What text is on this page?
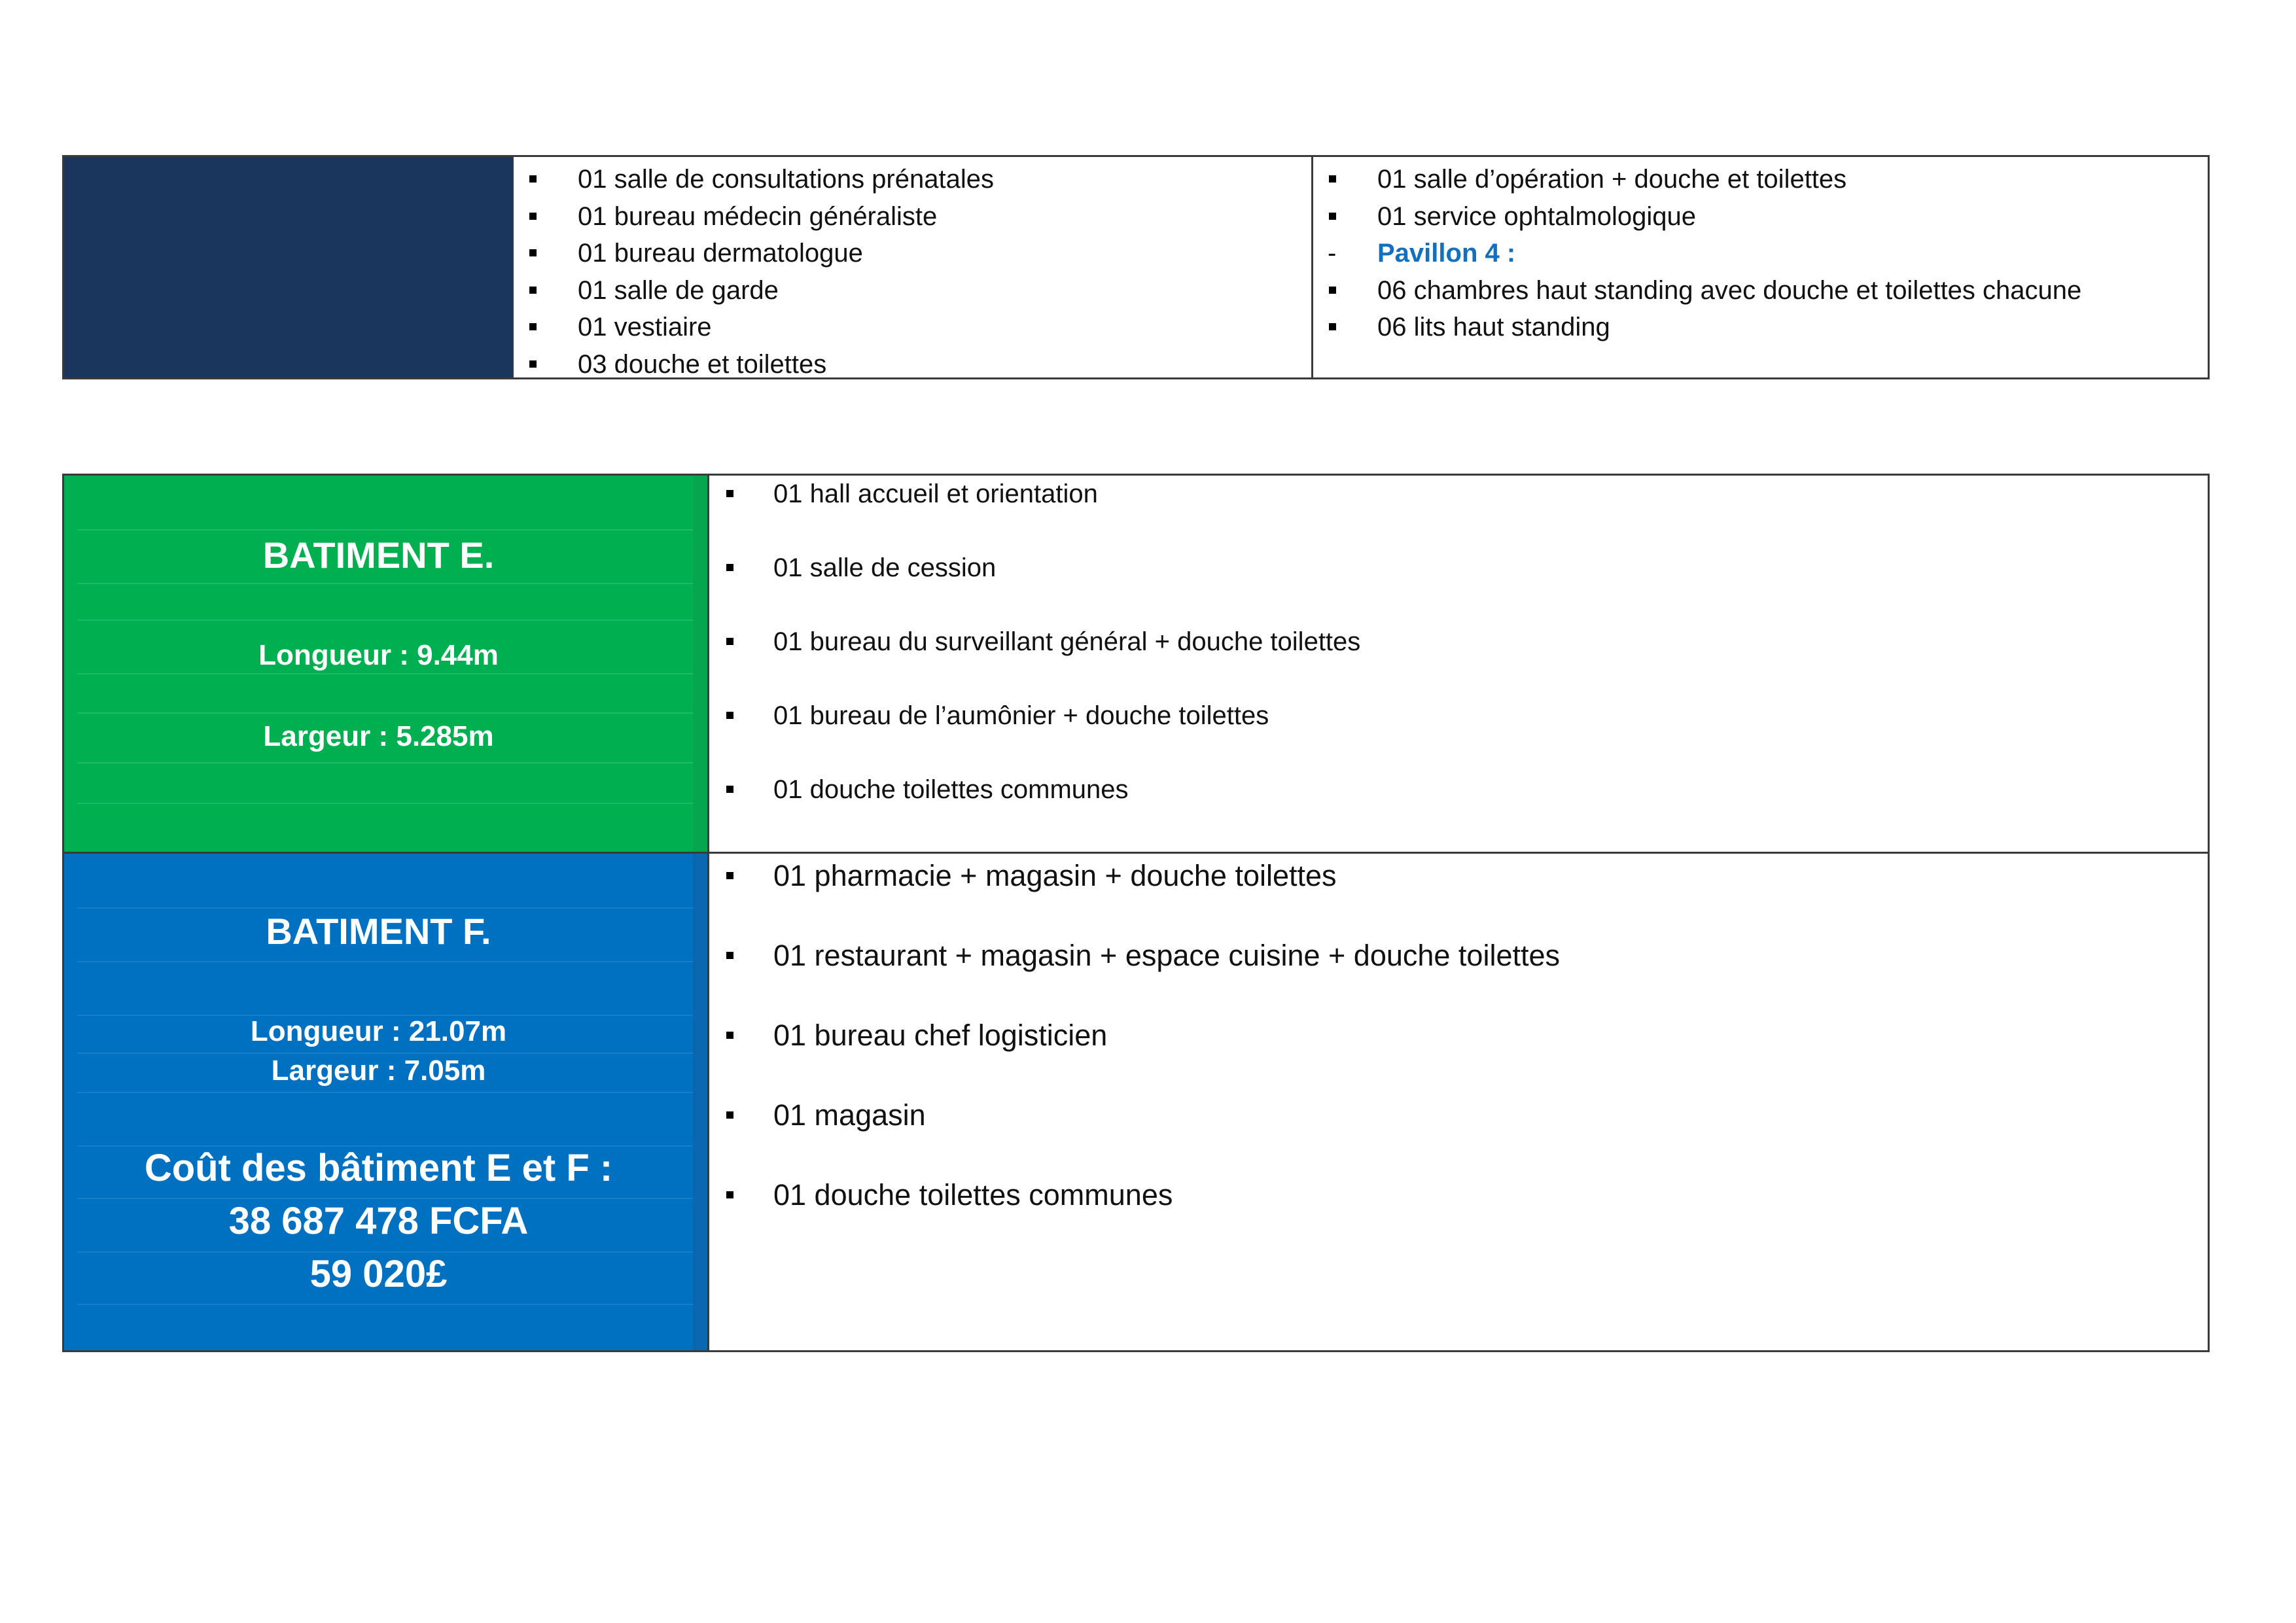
01 salle de consultations prénatales
01 bureau médecin généraliste
01 bureau dermatologue
01 salle de garde
01 vestiaire
03 douche et toilettes
01 salle d’opération + douche et toilettes
01 service ophtalmologique
- Pavillon 4 :
06 chambres haut standing avec douche et toilettes chacune
06 lits haut standing
BATIMENT E.
Longueur : 9.44m
Largeur : 5.285m
01 hall accueil et orientation
01 salle de cession
01 bureau du surveillant général + douche toilettes
01 bureau de l’aumônier + douche toilettes
01 douche toilettes communes
BATIMENT F.
Longueur : 21.07m
Largeur : 7.05m
Coût des bâtiment E et F :
38 687 478 FCFA
59 020£
01 pharmacie + magasin + douche toilettes
01 restaurant + magasin + espace cuisine + douche toilettes
01 bureau chef logisticien
01 magasin
01 douche toilettes communes
